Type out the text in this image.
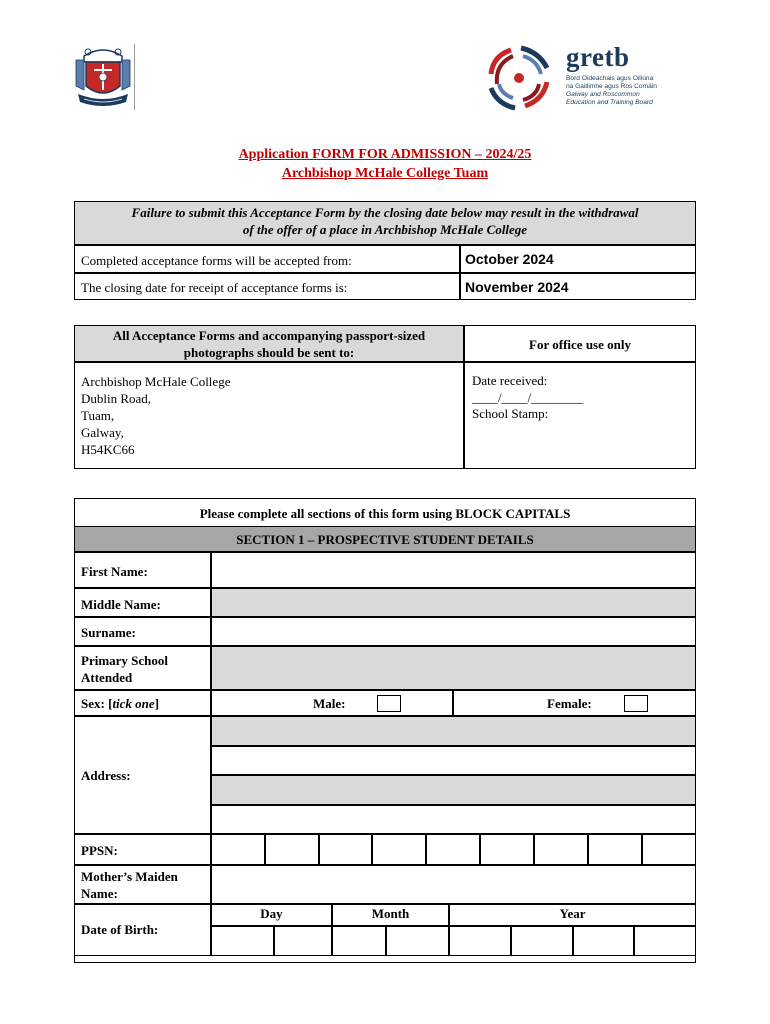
gretb
Bord Oideachais agus Oiliúna
na Gaillimhe agus Ros Comáin
Galway and Roscommon
Education and Training Board
Application FORM FOR ADMISSION – 2024/25
Archbishop McHale College Tuam
Failure to submit this Acceptance Form by the closing date below may result in the withdrawal
of the offer of a place in Archbishop McHale College
Completed acceptance forms will be accepted from:	October 2024
The closing date for receipt of acceptance forms is:	November 2024
All Acceptance Forms and accompanying passport-sized
photographs should be sent to:
For office use only
Archbishop McHale College
Dublin Road,
Tuam,
Galway,
H54KC66
Date received:
____/____/________
School Stamp:
Please complete all sections of this form using BLOCK CAPITALS
SECTION 1 – PROSPECTIVE STUDENT DETAILS
First Name:
Middle Name:
Surname:
Primary School
Attended
Sex: [tick one]	Male:	Female:
Address:
PPSN:
Mother’s Maiden
Name:
Date of Birth:
Day	Month	Year
